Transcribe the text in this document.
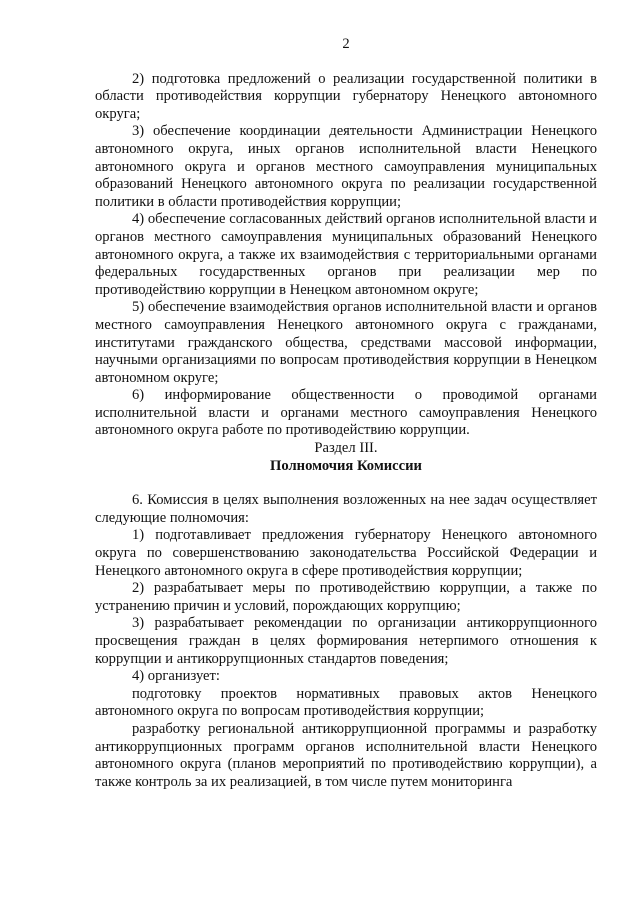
2

2) подготовка предложений о реализации государственной политики в области противодействия коррупции губернатору Ненецкого автономного округа;

3) обеспечение координации деятельности Администрации Ненецкого автономного округа, иных органов исполнительной власти Ненецкого автономного округа и органов местного самоуправления муниципальных образований Ненецкого автономного округа по реализации государственной политики в области противодействия коррупции;

4) обеспечение согласованных действий органов исполнительной власти и органов местного самоуправления муниципальных образований Ненецкого автономного округа, а также их взаимодействия с территориальными органами федеральных государственных органов при реализации мер по противодействию коррупции в Ненецком автономном округе;

5) обеспечение взаимодействия органов исполнительной власти и органов местного самоуправления Ненецкого автономного округа с гражданами, институтами гражданского общества, средствами массовой информации, научными организациями по вопросам противодействия коррупции в Ненецком автономном округе;

6) информирование общественности о проводимой органами исполнительной власти и органами местного самоуправления Ненецкого автономного округа работе по противодействию коррупции.

Раздел III.

Полномочия Комиссии

6. Комиссия в целях выполнения возложенных на нее задач осуществляет следующие полномочия:

1) подготавливает предложения губернатору Ненецкого автономного округа по совершенствованию законодательства Российской Федерации и Ненецкого автономного округа в сфере противодействия коррупции;

2) разрабатывает меры по противодействию коррупции, а также по устранению причин и условий, порождающих коррупцию;

3) разрабатывает рекомендации по организации антикоррупционного просвещения граждан в целях формирования нетерпимого отношения к коррупции и антикоррупционных стандартов поведения;

4) организует:

подготовку проектов нормативных правовых актов Ненецкого автономного округа по вопросам противодействия коррупции;

разработку региональной антикоррупционной программы и разработку антикоррупционных программ органов исполнительной власти Ненецкого автономного округа (планов мероприятий по противодействию коррупции), а также контроль за их реализацией, в том числе путем мониторинга
